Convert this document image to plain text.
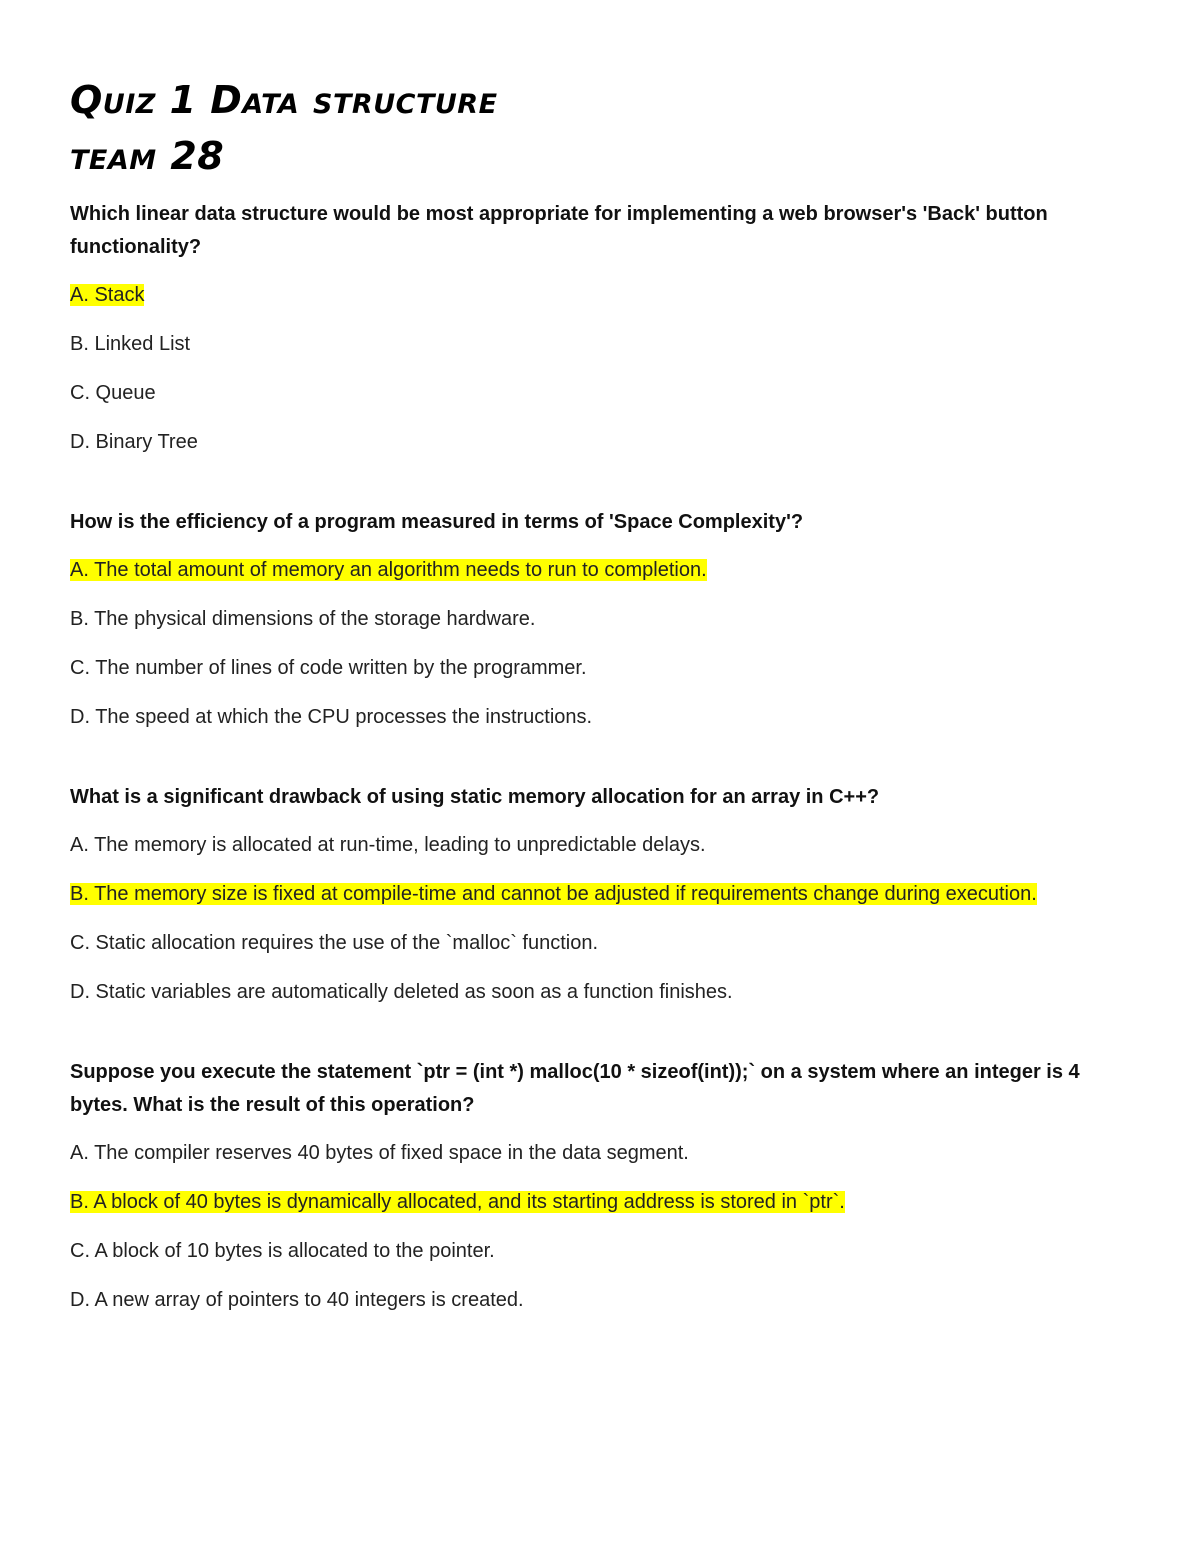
Quiz 1 Data structure
team 28

Which linear data structure would be most appropriate for implementing a web browser's 'Back' button functionality?

A. Stack

B. Linked List

C. Queue

D. Binary Tree

How is the efficiency of a program measured in terms of 'Space Complexity'?

A. The total amount of memory an algorithm needs to run to completion.

B. The physical dimensions of the storage hardware.

C. The number of lines of code written by the programmer.

D. The speed at which the CPU processes the instructions.

What is a significant drawback of using static memory allocation for an array in C++?

A. The memory is allocated at run-time, leading to unpredictable delays.

B. The memory size is fixed at compile-time and cannot be adjusted if requirements change during execution.

C. Static allocation requires the use of the `malloc` function.

D. Static variables are automatically deleted as soon as a function finishes.

Suppose you execute the statement `ptr = (int *) malloc(10 * sizeof(int));` on a system where an integer is 4 bytes. What is the result of this operation?

A. The compiler reserves 40 bytes of fixed space in the data segment.

B. A block of 40 bytes is dynamically allocated, and its starting address is stored in `ptr`.

C. A block of 10 bytes is allocated to the pointer.

D. A new array of pointers to 40 integers is created.
